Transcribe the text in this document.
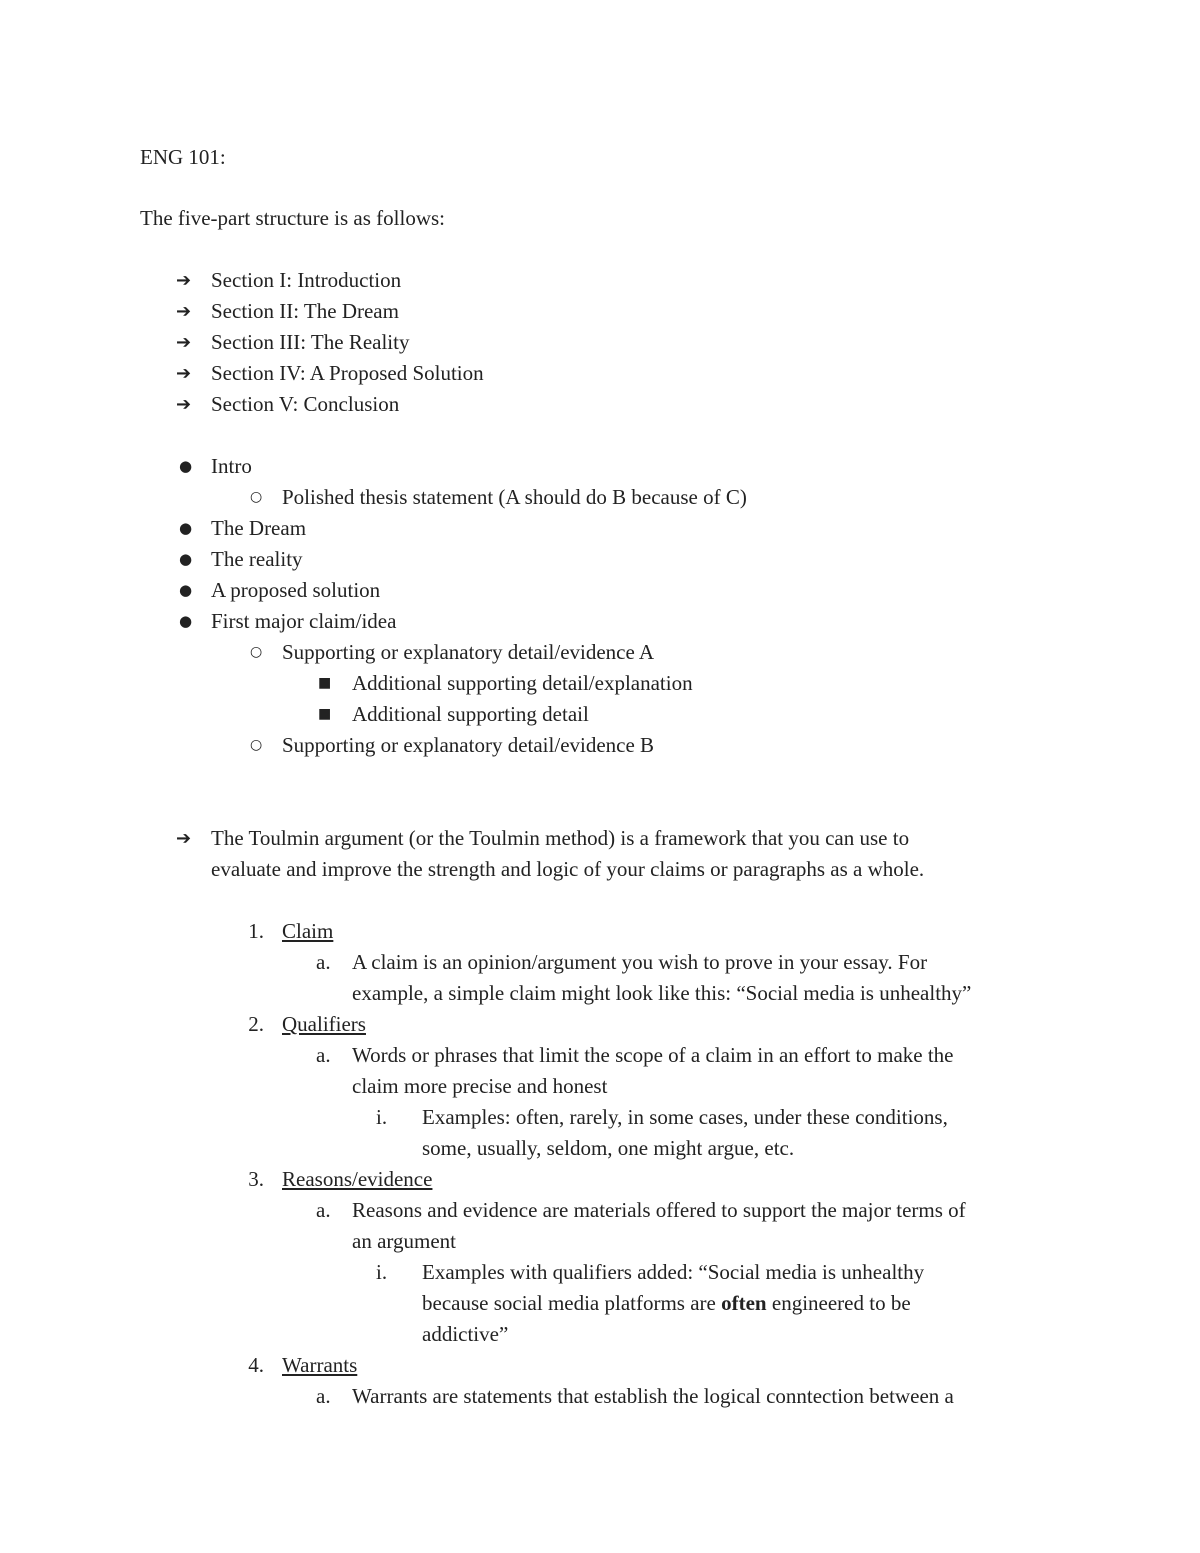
ENG 101:
The five-part structure is as follows:
➔ Section I: Introduction
➔ Section II: The Dream
➔ Section III: The Reality
➔ Section IV: A Proposed Solution
➔ Section V: Conclusion
● Intro
○ Polished thesis statement (A should do B because of C)
● The Dream
● The reality
● A proposed solution
● First major claim/idea
○ Supporting or explanatory detail/evidence A
■ Additional supporting detail/explanation
■ Additional supporting detail
○ Supporting or explanatory detail/evidence B
➔ The Toulmin argument (or the Toulmin method) is a framework that you can use to
evaluate and improve the strength and logic of your claims or paragraphs as a whole.
1. Claim
a. A claim is an opinion/argument you wish to prove in your essay. For
example, a simple claim might look like this: “Social media is unhealthy”
2. Qualifiers
a. Words or phrases that limit the scope of a claim in an effort to make the
claim more precise and honest
i. Examples: often, rarely, in some cases, under these conditions,
some, usually, seldom, one might argue, etc.
3. Reasons/evidence
a. Reasons and evidence are materials offered to support the major terms of
an argument
i. Examples with qualifiers added: “Social media is unhealthy
because social media platforms are often engineered to be
addictive”
4. Warrants
a. Warrants are statements that establish the logical conntection between a
